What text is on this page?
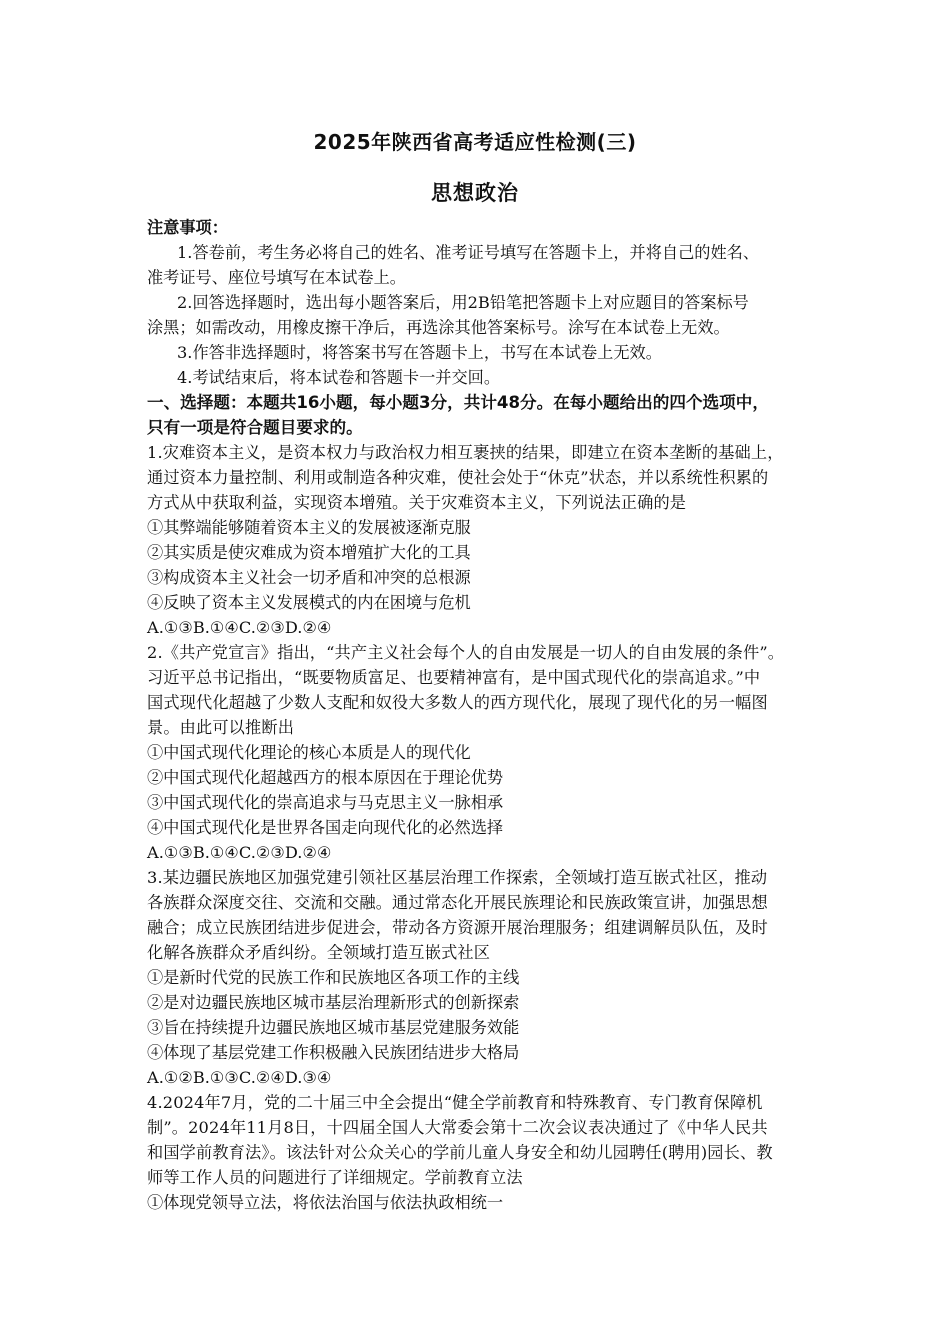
2025年陕西省高考适应性检测(三)
思想政治
注意事项：
1.答卷前，考生务必将自己的姓名、准考证号填写在答题卡上，并将自己的姓名、
准考证号、座位号填写在本试卷上。
2.回答选择题时，选出每小题答案后，用2B铅笔把答题卡上对应题目的答案标号
涂黑；如需改动，用橡皮擦干净后，再选涂其他答案标号。涂写在本试卷上无效。
3.作答非选择题时，将答案书写在答题卡上，书写在本试卷上无效。
4.考试结束后，将本试卷和答题卡一并交回。
一、选择题：本题共16小题，每小题3分，共计48分。在每小题给出的四个选项中，
只有一项是符合题目要求的。
1.灾难资本主义，是资本权力与政治权力相互裹挟的结果，即建立在资本垄断的基础上，
通过资本力量控制、利用或制造各种灾难，使社会处于“休克”状态，并以系统性积累的
方式从中获取利益，实现资本增殖。关于灾难资本主义，下列说法正确的是
①其弊端能够随着资本主义的发展被逐渐克服
②其实质是使灾难成为资本增殖扩大化的工具
③构成资本主义社会一切矛盾和冲突的总根源
④反映了资本主义发展模式的内在困境与危机
A.①③B.①④C.②③D.②④
2.《共产党宣言》指出，“共产主义社会每个人的自由发展是一切人的自由发展的条件”。
习近平总书记指出，“既要物质富足、也要精神富有，是中国式现代化的崇高追求。”中
国式现代化超越了少数人支配和奴役大多数人的西方现代化，展现了现代化的另一幅图
景。由此可以推断出
①中国式现代化理论的核心本质是人的现代化
②中国式现代化超越西方的根本原因在于理论优势
③中国式现代化的崇高追求与马克思主义一脉相承
④中国式现代化是世界各国走向现代化的必然选择
A.①③B.①④C.②③D.②④
3.某边疆民族地区加强党建引领社区基层治理工作探索，全领域打造互嵌式社区，推动
各族群众深度交往、交流和交融。通过常态化开展民族理论和民族政策宣讲，加强思想
融合；成立民族团结进步促进会，带动各方资源开展治理服务；组建调解员队伍，及时
化解各族群众矛盾纠纷。全领域打造互嵌式社区
①是新时代党的民族工作和民族地区各项工作的主线
②是对边疆民族地区城市基层治理新形式的创新探索
③旨在持续提升边疆民族地区城市基层党建服务效能
④体现了基层党建工作积极融入民族团结进步大格局
A.①②B.①③C.②④D.③④
4.2024年7月，党的二十届三中全会提出“健全学前教育和特殊教育、专门教育保障机
制”。2024年11月8日，十四届全国人大常委会第十二次会议表决通过了《中华人民共
和国学前教育法》。该法针对公众关心的学前儿童人身安全和幼儿园聘任(聘用)园长、教
师等工作人员的问题进行了详细规定。学前教育立法
①体现党领导立法，将依法治国与依法执政相统一
